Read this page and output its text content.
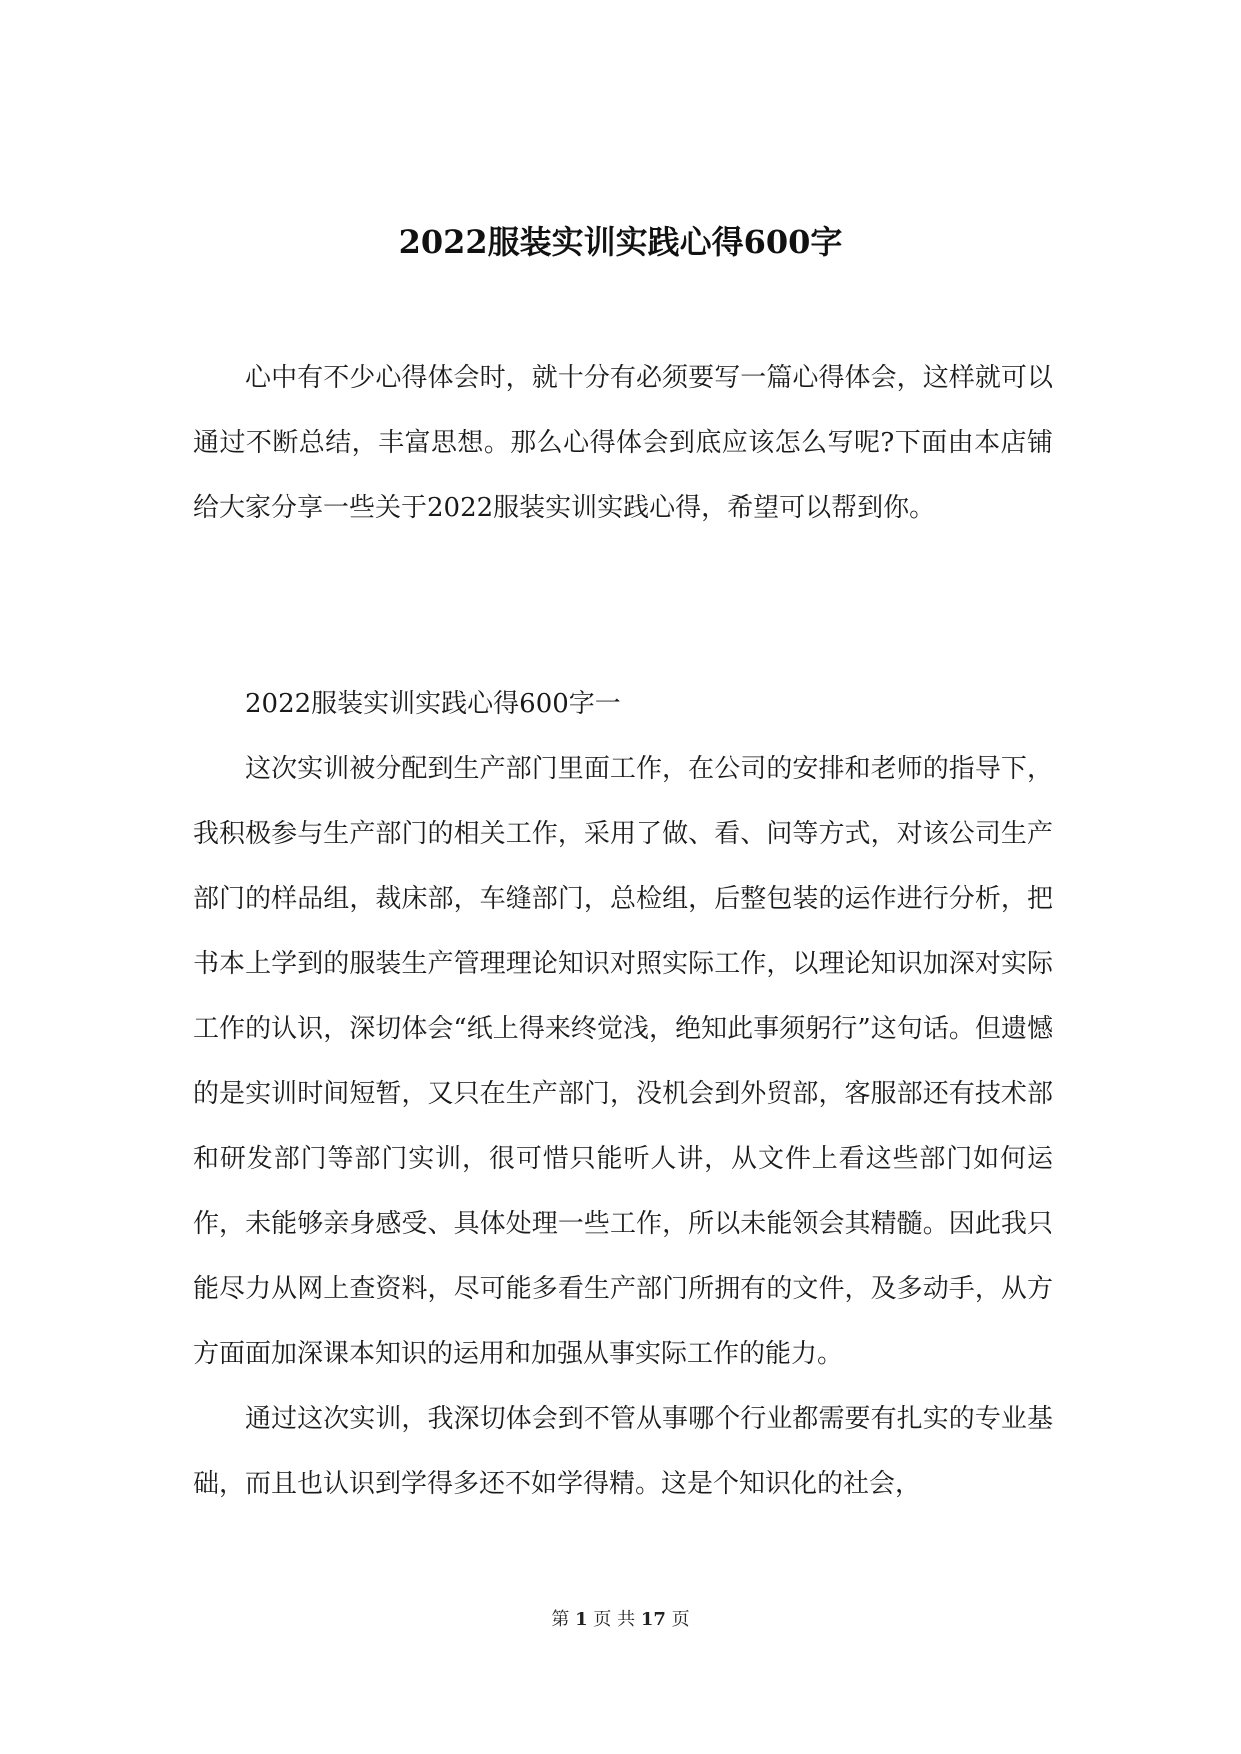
2022服装实训实践心得600字

心中有不少心得体会时，就十分有必须要写一篇心得体会，这样就可以通过不断总结，丰富思想。那么心得体会到底应该怎么写呢?下面由本店铺给大家分享一些关于2022服装实训实践心得，希望可以帮到你。

2022服装实训实践心得600字一

这次实训被分配到生产部门里面工作，在公司的安排和老师的指导下，我积极参与生产部门的相关工作，采用了做、看、问等方式，对该公司生产部门的样品组，裁床部，车缝部门，总检组，后整包装的运作进行分析，把书本上学到的服装生产管理理论知识对照实际工作，以理论知识加深对实际工作的认识，深切体会“纸上得来终觉浅，绝知此事须躬行”这句话。但遗憾的是实训时间短暂，又只在生产部门，没机会到外贸部，客服部还有技术部和研发部门等部门实训，很可惜只能听人讲，从文件上看这些部门如何运作，未能够亲身感受、具体处理一些工作，所以未能领会其精髓。因此我只能尽力从网上查资料，尽可能多看生产部门所拥有的文件，及多动手，从方方面面加深课本知识的运用和加强从事实际工作的能力。

通过这次实训，我深切体会到不管从事哪个行业都需要有扎实的专业基础，而且也认识到学得多还不如学得精。这是个知识化的社会，

第 1 页 共 17 页
